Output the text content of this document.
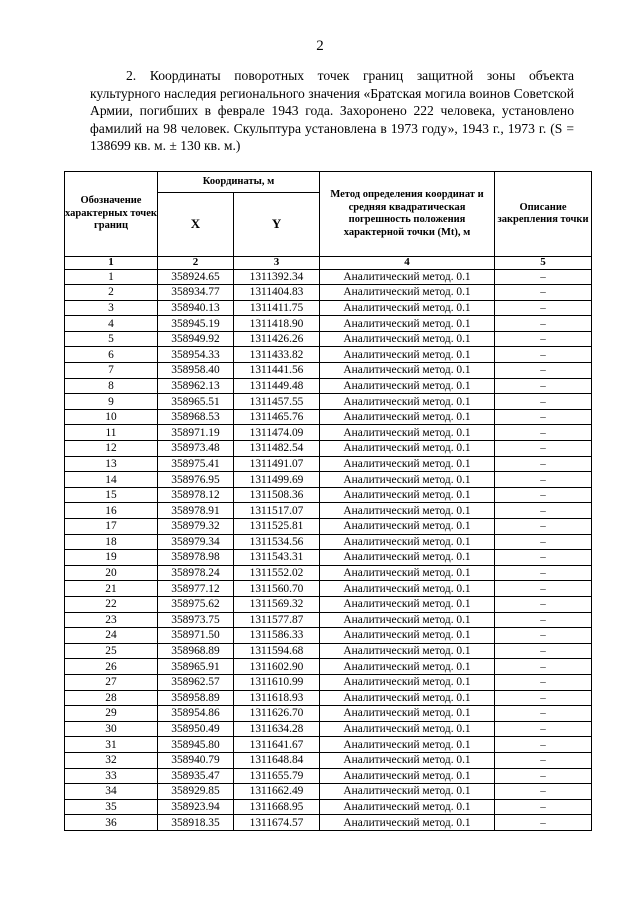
2

2. Координаты поворотных точек границ защитной зоны объекта культурного наследия регионального значения «Братская могила воинов Советской Армии, погибших в феврале 1943 года. Захоронено 222 человека, установлено фамилий на 98 человек. Скульптура установлена в 1973 году», 1943 г., 1973 г. (S = 138699 кв. м. ± 130 кв. м.)

Обозначение характерных точек границ	Координаты, м		Метод определения координат и средняя квадратическая погрешность положения характерной точки (Mt), м	Описание закрепления точки
	X	Y		
1	2	3	4	5
1	358924.65	1311392.34	Аналитический метод. 0.1	–
2	358934.77	1311404.83	Аналитический метод. 0.1	–
3	358940.13	1311411.75	Аналитический метод. 0.1	–
4	358945.19	1311418.90	Аналитический метод. 0.1	–
5	358949.92	1311426.26	Аналитический метод. 0.1	–
6	358954.33	1311433.82	Аналитический метод. 0.1	–
7	358958.40	1311441.56	Аналитический метод. 0.1	–
8	358962.13	1311449.48	Аналитический метод. 0.1	–
9	358965.51	1311457.55	Аналитический метод. 0.1	–
10	358968.53	1311465.76	Аналитический метод. 0.1	–
11	358971.19	1311474.09	Аналитический метод. 0.1	–
12	358973.48	1311482.54	Аналитический метод. 0.1	–
13	358975.41	1311491.07	Аналитический метод. 0.1	–
14	358976.95	1311499.69	Аналитический метод. 0.1	–
15	358978.12	1311508.36	Аналитический метод. 0.1	–
16	358978.91	1311517.07	Аналитический метод. 0.1	–
17	358979.32	1311525.81	Аналитический метод. 0.1	–
18	358979.34	1311534.56	Аналитический метод. 0.1	–
19	358978.98	1311543.31	Аналитический метод. 0.1	–
20	358978.24	1311552.02	Аналитический метод. 0.1	–
21	358977.12	1311560.70	Аналитический метод. 0.1	–
22	358975.62	1311569.32	Аналитический метод. 0.1	–
23	358973.75	1311577.87	Аналитический метод. 0.1	–
24	358971.50	1311586.33	Аналитический метод. 0.1	–
25	358968.89	1311594.68	Аналитический метод. 0.1	–
26	358965.91	1311602.90	Аналитический метод. 0.1	–
27	358962.57	1311610.99	Аналитический метод. 0.1	–
28	358958.89	1311618.93	Аналитический метод. 0.1	–
29	358954.86	1311626.70	Аналитический метод. 0.1	–
30	358950.49	1311634.28	Аналитический метод. 0.1	–
31	358945.80	1311641.67	Аналитический метод. 0.1	–
32	358940.79	1311648.84	Аналитический метод. 0.1	–
33	358935.47	1311655.79	Аналитический метод. 0.1	–
34	358929.85	1311662.49	Аналитический метод. 0.1	–
35	358923.94	1311668.95	Аналитический метод. 0.1	–
36	358918.35	1311674.57	Аналитический метод. 0.1	–
